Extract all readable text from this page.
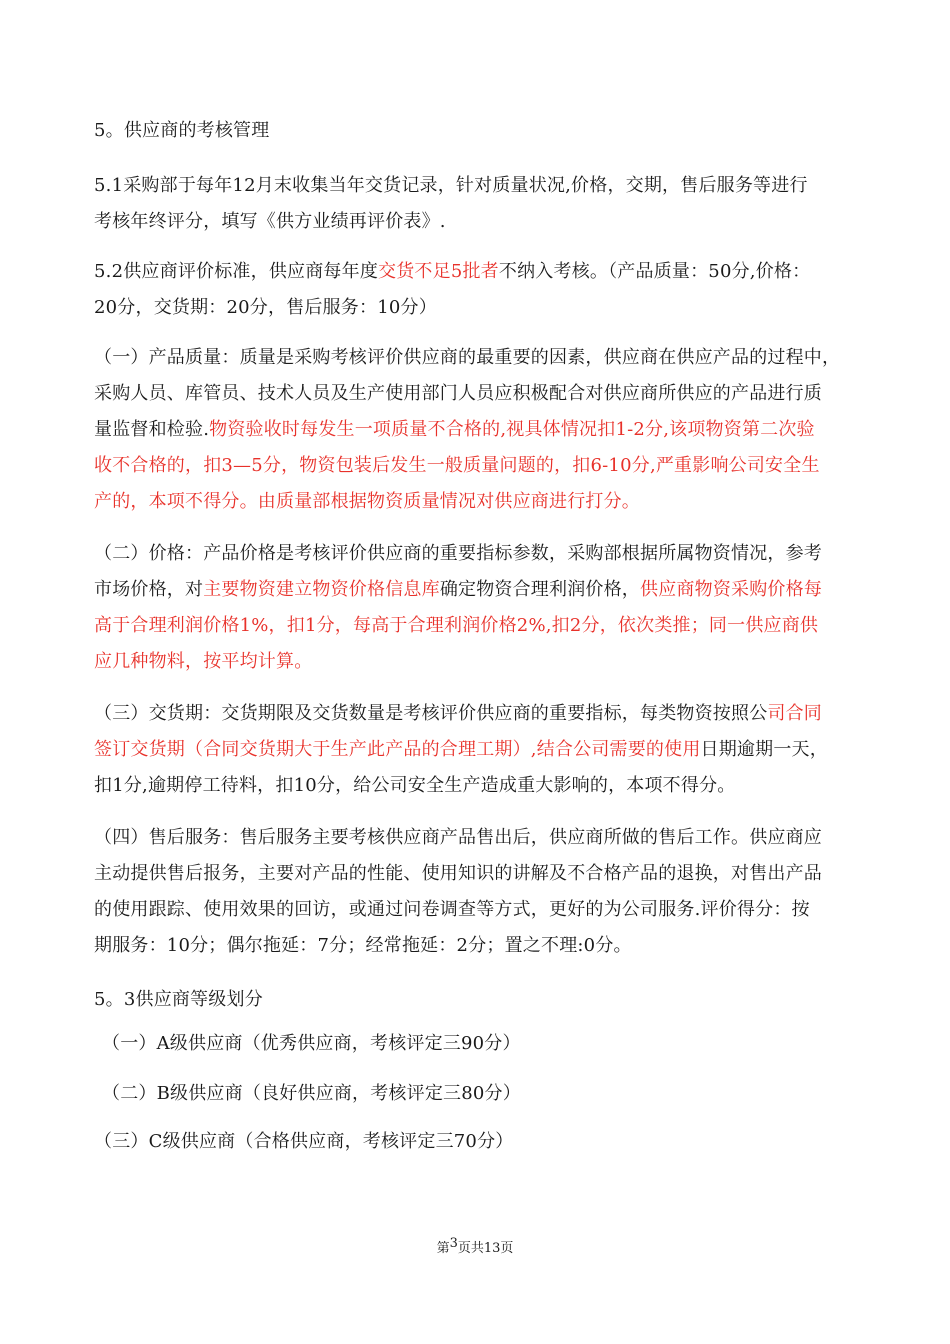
5。供应商的考核管理
5.1采购部于每年12月末收集当年交货记录，针对质量状况,价格，交期，售后服务等进行
考核年终评分，填写《供方业绩再评价表》.
5.2供应商评价标准，供应商每年度交货不足5批者不纳入考核。（产品质量：50分,价格：
20分，交货期：20分，售后服务：10分）
（一）产品质量：质量是采购考核评价供应商的最重要的因素，供应商在供应产品的过程中，
采购人员、库管员、技术人员及生产使用部门人员应积极配合对供应商所供应的产品进行质
量监督和检验.物资验收时每发生一项质量不合格的,视具体情况扣1-2分,该项物资第二次验
收不合格的，扣3—5分，物资包装后发生一般质量问题的，扣6-10分,严重影响公司安全生
产的，本项不得分。由质量部根据物资质量情况对供应商进行打分。
（二）价格：产品价格是考核评价供应商的重要指标参数，采购部根据所属物资情况，参考
市场价格，对主要物资建立物资价格信息库确定物资合理利润价格，供应商物资采购价格每
高于合理利润价格1%，扣1分，每高于合理利润价格2%,扣2分，依次类推；同一供应商供
应几种物料，按平均计算。
（三）交货期：交货期限及交货数量是考核评价供应商的重要指标，每类物资按照公司合同
签订交货期（合同交货期大于生产此产品的合理工期）,结合公司需要的使用日期逾期一天，
扣1分,逾期停工待料，扣10分，给公司安全生产造成重大影响的，本项不得分。
（四）售后服务：售后服务主要考核供应商产品售出后，供应商所做的售后工作。供应商应
主动提供售后报务，主要对产品的性能、使用知识的讲解及不合格产品的退换，对售出产品
的使用跟踪、使用效果的回访，或通过问卷调查等方式，更好的为公司服务.评价得分：按
期服务：10分；偶尔拖延：7分；经常拖延：2分；置之不理:0分。
5。3供应商等级划分
（一）A级供应商（优秀供应商，考核评定三90分）
（二）B级供应商（良好供应商，考核评定三80分）
（三）C级供应商（合格供应商，考核评定三70分）
第$^3$页共13页
